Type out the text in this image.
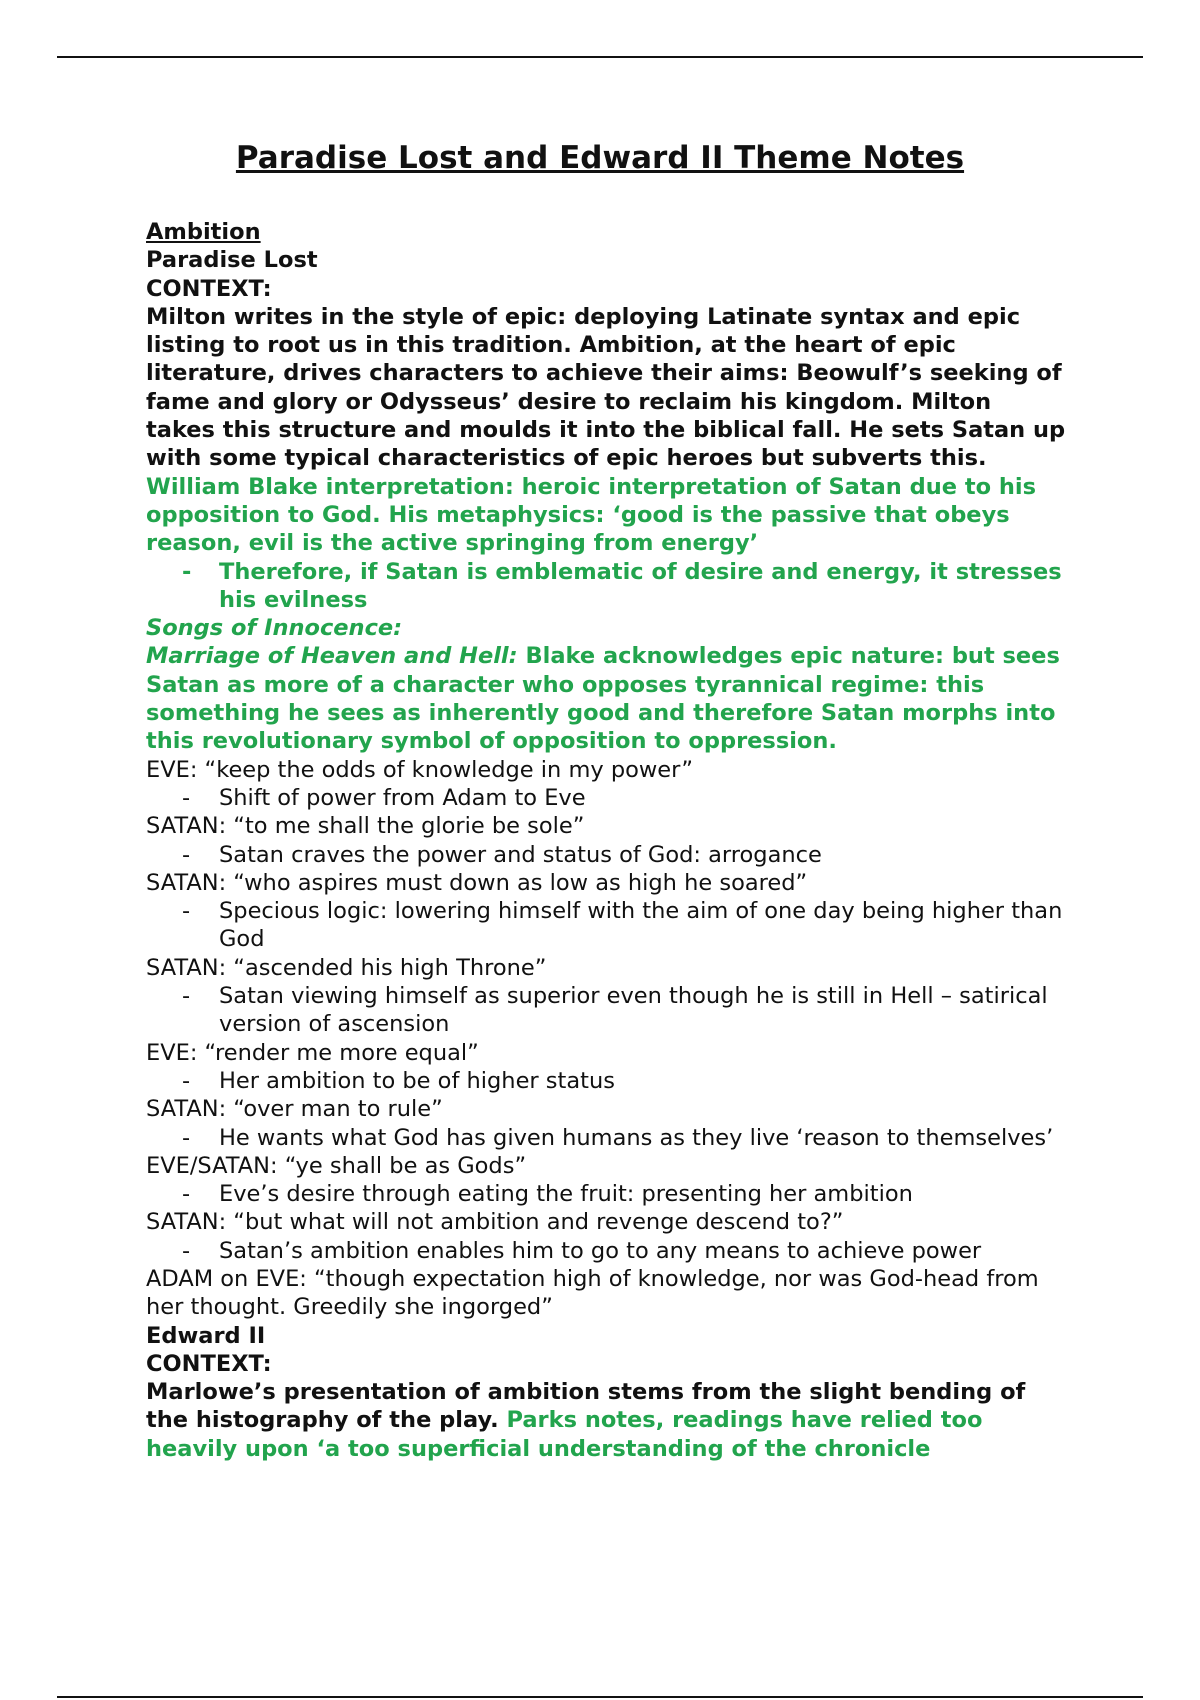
Paradise Lost and Edward II Theme Notes
Ambition
Paradise Lost
CONTEXT:
Milton writes in the style of epic: deploying Latinate syntax and epic listing to root us in this tradition. Ambition, at the heart of epic literature, drives characters to achieve their aims: Beowulf’s seeking of fame and glory or Odysseus’ desire to reclaim his kingdom. Milton takes this structure and moulds it into the biblical fall. He sets Satan up with some typical characteristics of epic heroes but subverts this.
William Blake interpretation: heroic interpretation of Satan due to his opposition to God. His metaphysics: ‘good is the passive that obeys reason, evil is the active springing from energy’
- Therefore, if Satan is emblematic of desire and energy, it stresses his evilness
Songs of Innocence:
Marriage of Heaven and Hell: Blake acknowledges epic nature: but sees Satan as more of a character who opposes tyrannical regime: this something he sees as inherently good and therefore Satan morphs into this revolutionary symbol of opposition to oppression.
EVE: “keep the odds of knowledge in my power”
- Shift of power from Adam to Eve
SATAN: “to me shall the glorie be sole”
- Satan craves the power and status of God: arrogance
SATAN: “who aspires must down as low as high he soared”
- Specious logic: lowering himself with the aim of one day being higher than God
SATAN: “ascended his high Throne”
- Satan viewing himself as superior even though he is still in Hell – satirical version of ascension
EVE: “render me more equal”
- Her ambition to be of higher status
SATAN: “over man to rule”
- He wants what God has given humans as they live ‘reason to themselves’
EVE/SATAN: “ye shall be as Gods”
- Eve’s desire through eating the fruit: presenting her ambition
SATAN: “but what will not ambition and revenge descend to?”
- Satan’s ambition enables him to go to any means to achieve power
ADAM on EVE: “though expectation high of knowledge, nor was God-head from her thought. Greedily she ingorged”
Edward II
CONTEXT:
Marlowe’s presentation of ambition stems from the slight bending of the histography of the play. Parks notes, readings have relied too heavily upon ‘a too superficial understanding of the chronicle
